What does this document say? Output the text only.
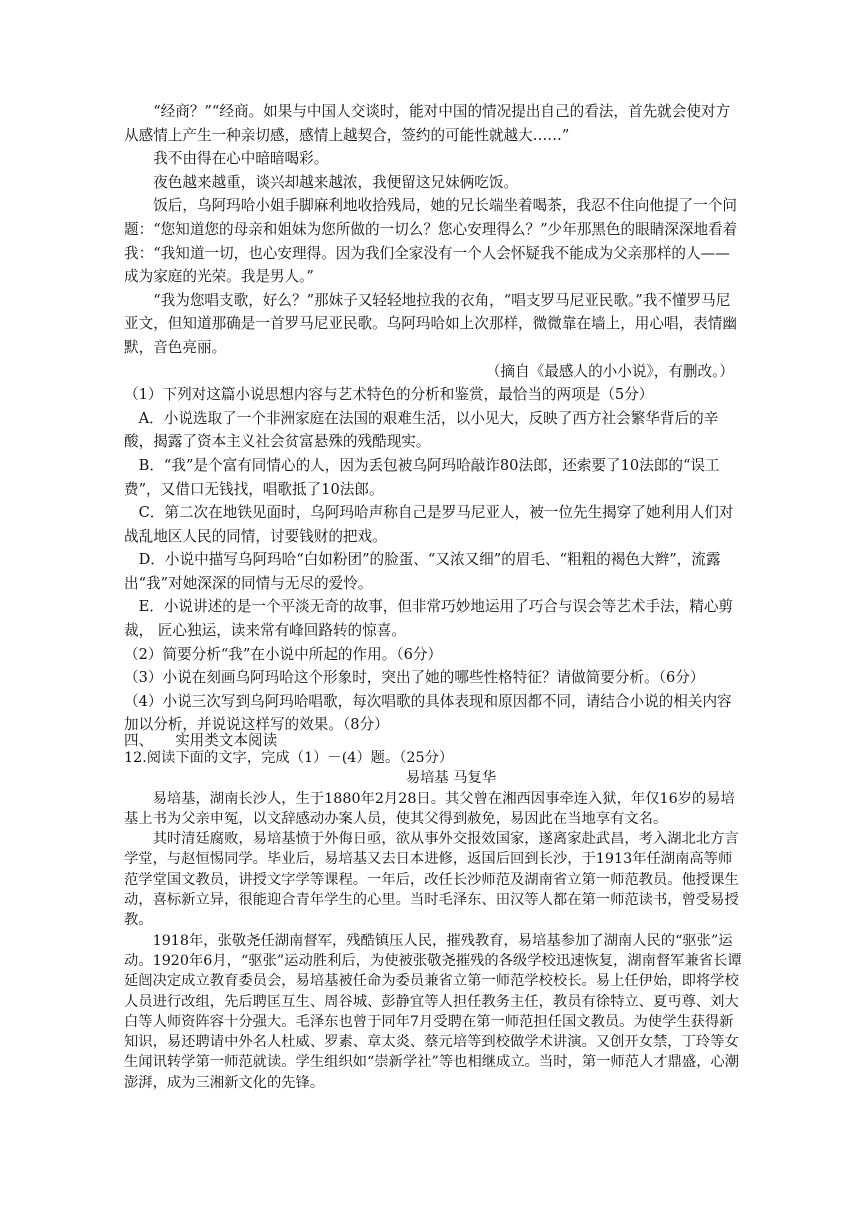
“经商？”“经商。如果与中国人交谈时，能对中国的情况提出自己的看法，首先就会使对方从感情上产生一种亲切感，感情上越契合，签约的可能性就越大……”

我不由得在心中暗暗喝彩。

夜色越来越重，谈兴却越来越浓，我便留这兄妹俩吃饭。

饭后，乌阿玛哈小姐手脚麻利地收拾残局，她的兄长端坐着喝茶，我忍不住向他提了一个问题：“您知道您的母亲和姐妹为您所做的一切么？您心安理得么？”少年那黑色的眼睛深深地看着我：“我知道一切，也心安理得。因为我们全家没有一个人会怀疑我不能成为父亲那样的人——成为家庭的光荣。我是男人。”

“我为您唱支歌，好么？”那妹子又轻轻地拉我的衣角，“唱支罗马尼亚民歌。”我不懂罗马尼亚文，但知道那确是一首罗马尼亚民歌。乌阿玛哈如上次那样，微微靠在墙上，用心唱，表情幽默，音色亮丽。

（摘自《最感人的小小说》，有删改。）

（1）下列对这篇小说思想内容与艺术特色的分析和鉴赏，最恰当的两项是（5分）

A．小说选取了一个非洲家庭在法国的艰难生活，以小见大，反映了西方社会繁华背后的辛酸，揭露了资本主义社会贫富悬殊的残酷现实。

B．“我”是个富有同情心的人，因为丢包被乌阿玛哈敲诈80法郎，还索要了10法郎的“误工费”，又借口无钱找，唱歌抵了10法郎。

C．第二次在地铁见面时，乌阿玛哈声称自己是罗马尼亚人，被一位先生揭穿了她利用人们对战乱地区人民的同情，讨要钱财的把戏。

D．小说中描写乌阿玛哈“白如粉团”的脸蛋、“又浓又细”的眉毛、“粗粗的褐色大辫”，流露出“我”对她深深的同情与无尽的爱怜。

E．小说讲述的是一个平淡无奇的故事，但非常巧妙地运用了巧合与误会等艺术手法，精心剪裁， 匠心独运，读来常有峰回路转的惊喜。

（2）简要分析“我”在小说中所起的作用。（6分）

（3）小说在刻画乌阿玛哈这个形象时，突出了她的哪些性格特征？请做简要分析。（6分）

（4）小说三次写到乌阿玛哈唱歌，每次唱歌的具体表现和原因都不同，请结合小说的相关内容加以分析，并说说这样写的效果。（8分）

四、　　实用类文本阅读

12.阅读下面的文字，完成（1）－(4）题。（25分）

易培基 马复华

易培基，湖南长沙人，生于1880年2月28日。其父曾在湘西因事牵连入狱，年仅16岁的易培基上书为父亲申冤，以文辞感动办案人员，使其父得到赦免，易因此在当地享有文名。

其时清廷腐败，易培基愤于外侮日亟，欲从事外交报效国家，遂离家赴武昌，考入湖北北方言学堂，与赵恒惕同学。毕业后，易培基又去日本进修，返国后回到长沙，于1913年任湖南高等师范学堂国文教员，讲授文字学等课程。一年后，改任长沙师范及湖南省立第一师范教员。他授课生动，喜标新立异，很能迎合青年学生的心里。当时毛泽东、田汉等人都在第一师范读书，曾受易授教。

1918年，张敬尧任湖南督军，残酷镇压人民，摧残教育，易培基参加了湖南人民的“驱张”运动。1920年6月，“驱张”运动胜利后，为使被张敬尧摧残的各级学校迅速恢复，湖南督军兼省长谭延闿决定成立教育委员会，易培基被任命为委员兼省立第一师范学校校长。易上任伊始，即将学校人员进行改组，先后聘匡互生、周谷城、彭静宜等人担任教务主任，教员有徐特立、夏丏尊、刘大白等人师资阵容十分强大。毛泽东也曾于同年7月受聘在第一师范担任国文教员。为使学生获得新知识，易还聘请中外名人杜威、罗素、章太炎、蔡元培等到校做学术讲演。又创开女禁，丁玲等女生闻讯转学第一师范就读。学生组织如“崇新学社”等也相继成立。当时，第一师范人才鼎盛，心潮澎湃，成为三湘新文化的先锋。
